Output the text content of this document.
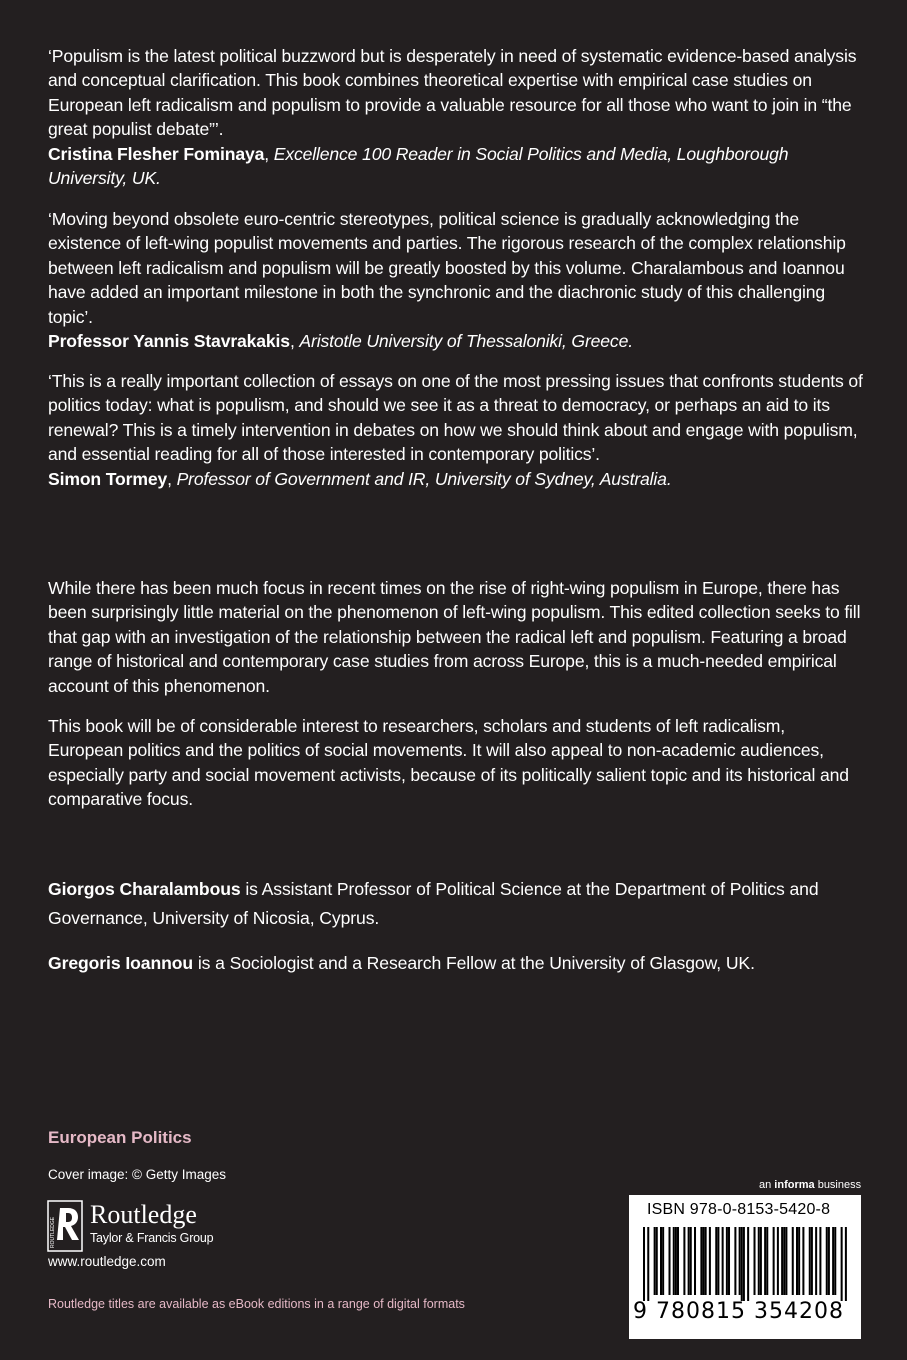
‘Populism is the latest political buzzword but is desperately in need of systematic evidence-based analysis and conceptual clarification. This book combines theoretical expertise with empirical case studies on European left radicalism and populism to provide a valuable resource for all those who want to join in “the great populist debate”’.

Cristina Flesher Fominaya, Excellence 100 Reader in Social Politics and Media, Loughborough University, UK.

‘Moving beyond obsolete euro-centric stereotypes, political science is gradually acknowledging the existence of left-wing populist movements and parties. The rigorous research of the complex relationship between left radicalism and populism will be greatly boosted by this volume. Charalambous and Ioannou have added an important milestone in both the synchronic and the diachronic study of this challenging topic’.

Professor Yannis Stavrakakis, Aristotle University of Thessaloniki, Greece.

‘This is a really important collection of essays on one of the most pressing issues that confronts students of politics today: what is populism, and should we see it as a threat to democracy, or perhaps an aid to its renewal? This is a timely intervention in debates on how we should think about and engage with populism, and essential reading for all of those interested in contemporary politics’.

Simon Tormey, Professor of Government and IR, University of Sydney, Australia.

While there has been much focus in recent times on the rise of right-wing populism in Europe, there has been surprisingly little material on the phenomenon of left-wing populism. This edited collection seeks to fill that gap with an investigation of the relationship between the radical left and populism. Featuring a broad range of historical and contemporary case studies from across Europe, this is a much-needed empirical account of this phenomenon.

This book will be of considerable interest to researchers, scholars and students of left radicalism, European politics and the politics of social movements. It will also appeal to non-academic audiences, especially party and social movement activists, because of its politically salient topic and its historical and comparative focus.

Giorgos Charalambous is Assistant Professor of Political Science at the Department of Politics and Governance, University of Nicosia, Cyprus.

Gregoris Ioannou is a Sociologist and a Research Fellow at the University of Glasgow, UK.

European Politics
Cover image: © Getty Images
ROUTLEDGE
Routledge
Taylor & Francis Group
www.routledge.com
Routledge titles are available as eBook editions in a range of digital formats
an informa business
ISBN 978-0-8153-5420-8
9 780815 354208
